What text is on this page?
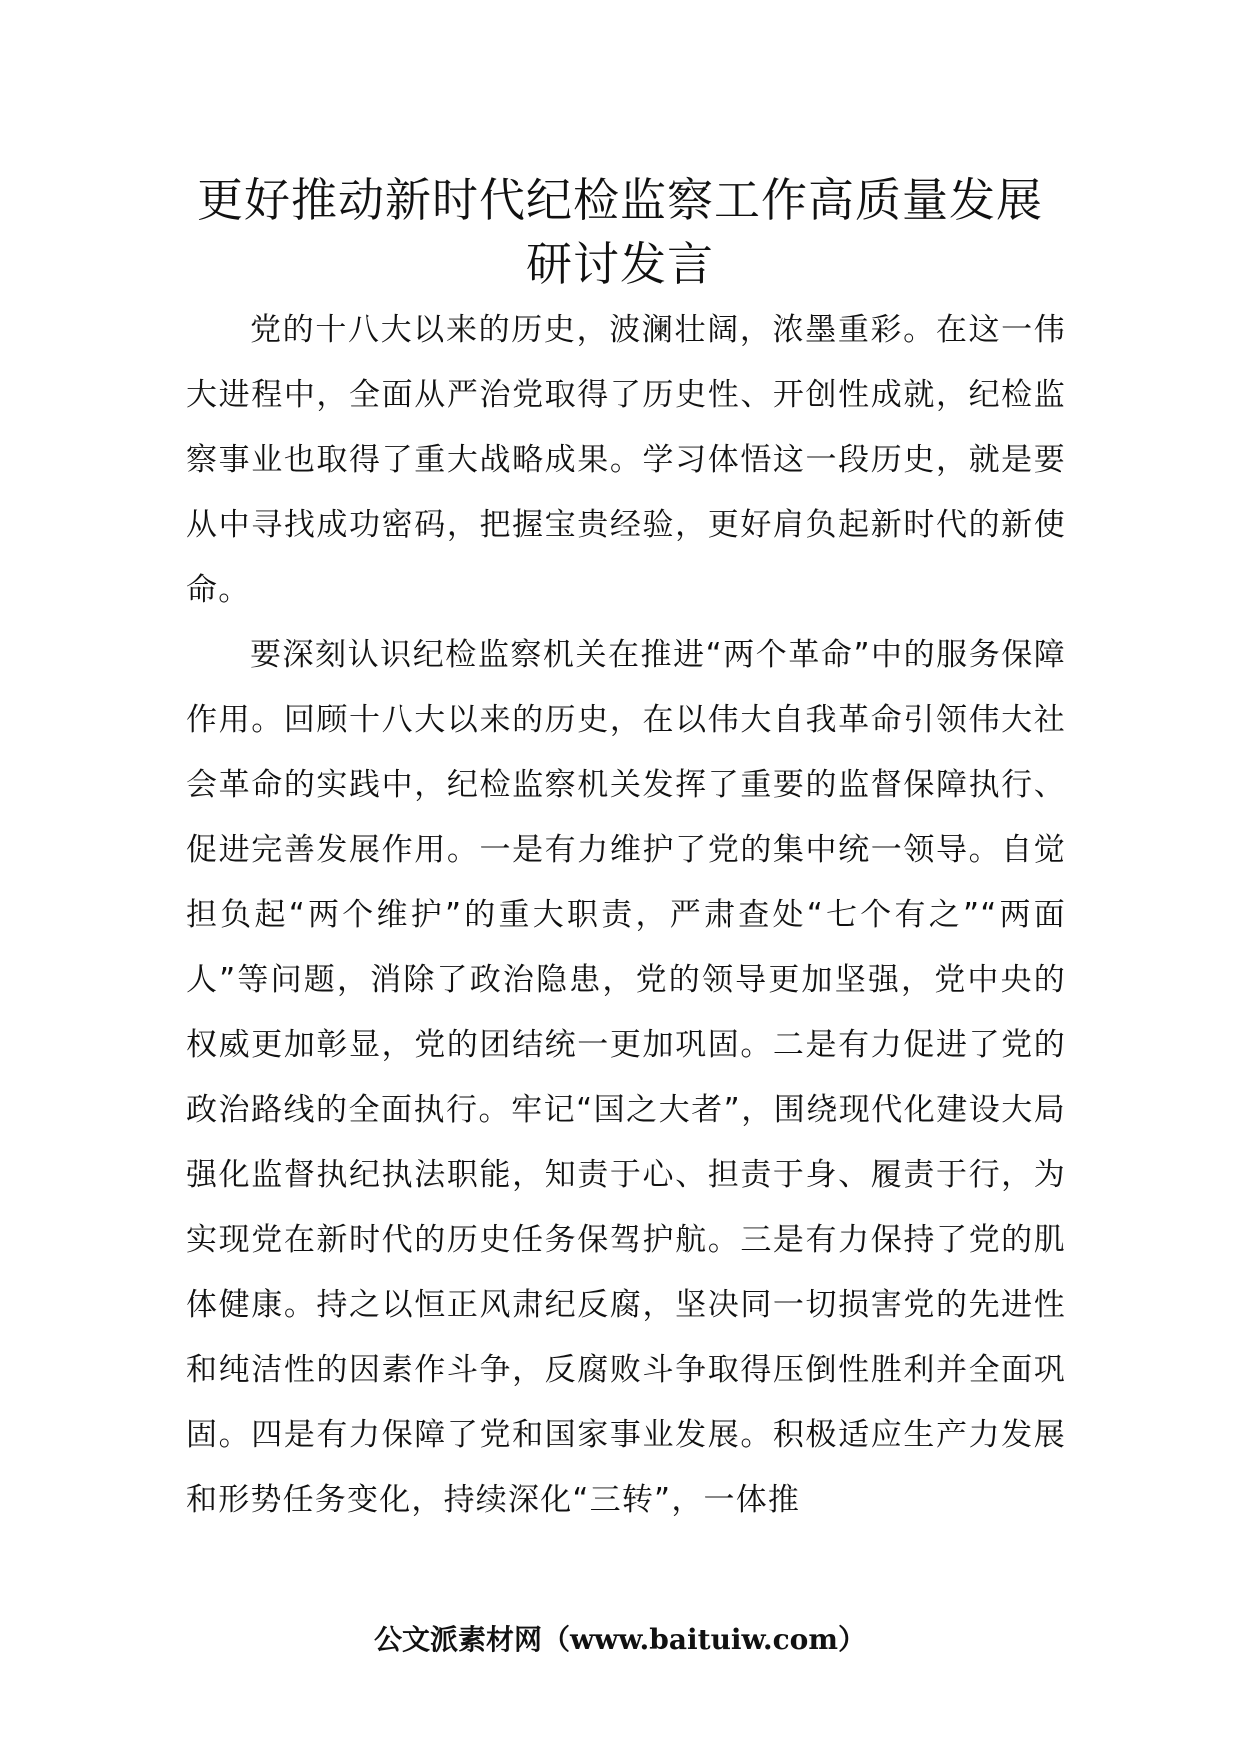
更好推动新时代纪检监察工作高质量发展
研讨发言

党的十八大以来的历史，波澜壮阔，浓墨重彩。在这一伟大进程中，全面从严治党取得了历史性、开创性成就，纪检监察事业也取得了重大战略成果。学习体悟这一段历史，就是要从中寻找成功密码，把握宝贵经验，更好肩负起新时代的新使命。

要深刻认识纪检监察机关在推进“两个革命”中的服务保障作用。回顾十八大以来的历史，在以伟大自我革命引领伟大社会革命的实践中，纪检监察机关发挥了重要的监督保障执行、促进完善发展作用。一是有力维护了党的集中统一领导。自觉担负起“两个维护”的重大职责，严肃查处“七个有之”“两面人”等问题，消除了政治隐患，党的领导更加坚强，党中央的权威更加彰显，党的团结统一更加巩固。二是有力促进了党的政治路线的全面执行。牢记“国之大者”，围绕现代化建设大局强化监督执纪执法职能，知责于心、担责于身、履责于行，为实现党在新时代的历史任务保驾护航。三是有力保持了党的肌体健康。持之以恒正风肃纪反腐，坚决同一切损害党的先进性和纯洁性的因素作斗争，反腐败斗争取得压倒性胜利并全面巩固。四是有力保障了党和国家事业发展。积极适应生产力发展和形势任务变化，持续深化“三转”，一体推

公文派素材网（www.baituiw.com）
